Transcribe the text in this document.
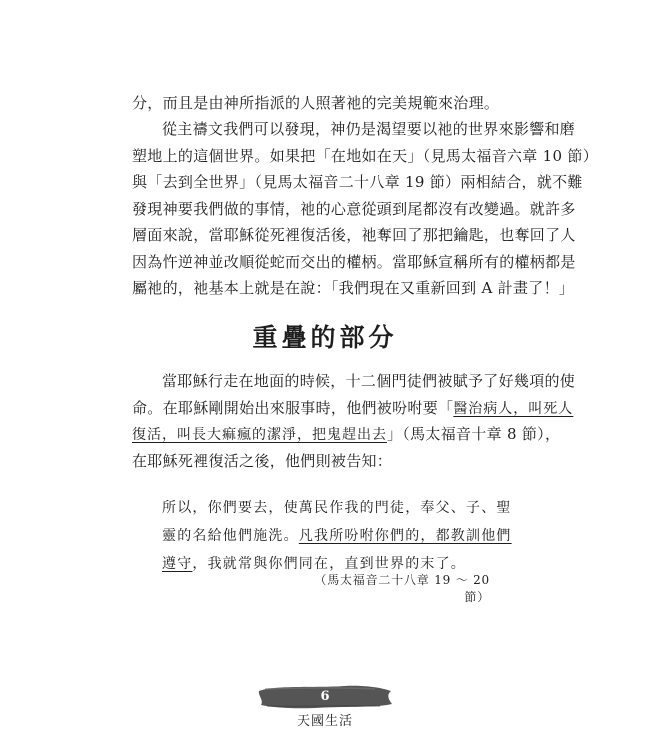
分，而且是由神所指派的人照著祂的完美規範來治理。
從主禱文我們可以發現，神仍是渴望要以祂的世界來影響和磨
塑地上的這個世界。如果把「在地如在天」（見馬太福音六章 10 節）
與「去到全世界」（見馬太福音二十八章 19 節）兩相結合，就不難
發現神要我們做的事情，祂的心意從頭到尾都沒有改變過。就許多
層面來說，當耶穌從死裡復活後，祂奪回了那把鑰匙，也奪回了人
因為忤逆神並改順從蛇而交出的權柄。當耶穌宣稱所有的權柄都是
屬祂的，祂基本上就是在說：「我們現在又重新回到 A 計畫了！」
重疊的部分
當耶穌行走在地面的時候，十二個門徒們被賦予了好幾項的使
命。在耶穌剛開始出來服事時，他們被吩咐要「醫治病人，叫死人
復活，叫長大痲瘋的潔淨，把鬼趕出去」（馬太福音十章 8 節），
在耶穌死裡復活之後，他們則被告知：
所以，你們要去，使萬民作我的門徒，奉父、子、聖
靈的名給他們施洗。凡我所吩咐你們的，都教訓他們
遵守，我就常與你們同在，直到世界的末了。
（馬太福音二十八章 19 ～ 20 節）
6
天國生活
